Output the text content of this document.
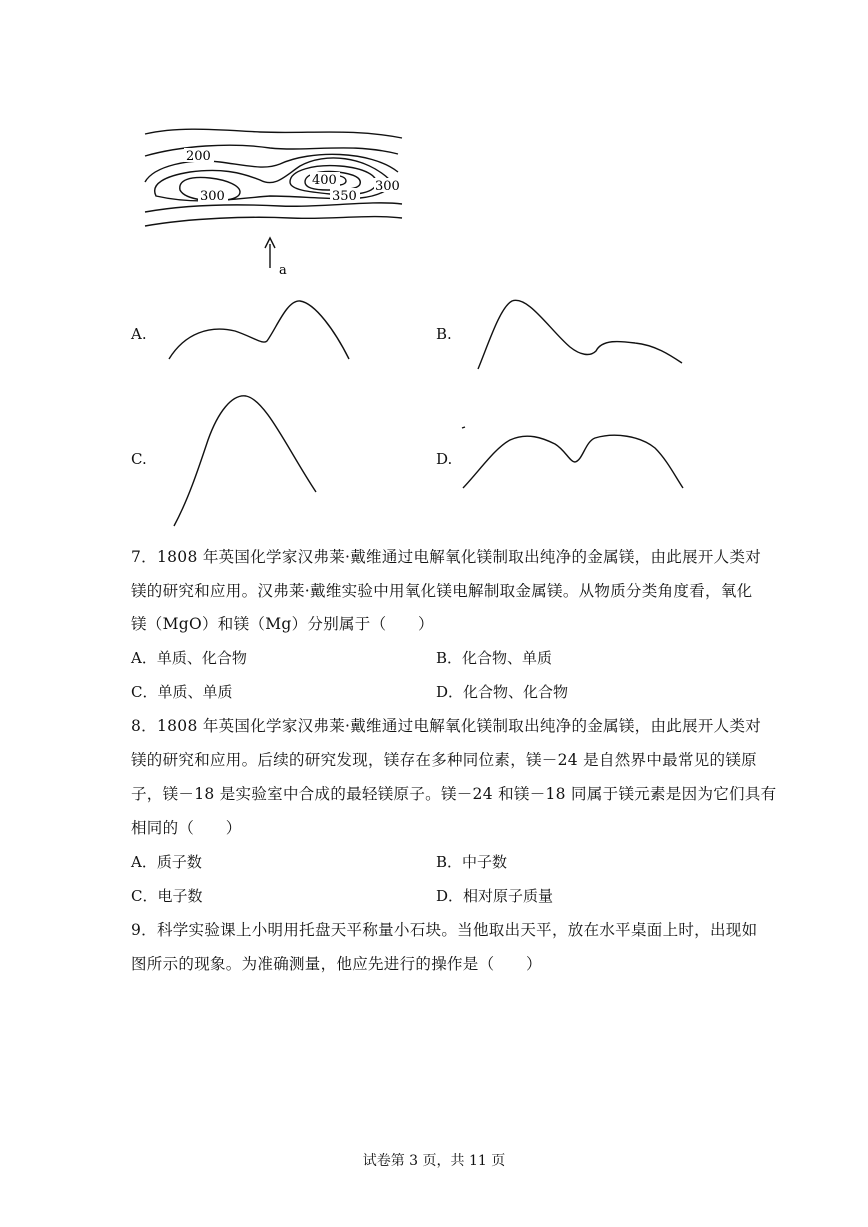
200
300
400
350
300
a
A.	B.
C.	D.
7．1808 年英国化学家汉弗莱·戴维通过电解氧化镁制取出纯净的金属镁，由此展开人类对
镁的研究和应用。汉弗莱·戴维实验中用氧化镁电解制取金属镁。从物质分类角度看，氧化
镁（MgO）和镁（Mg）分别属于（　　）
A．单质、化合物	B．化合物、单质
C．单质、单质	D．化合物、化合物
8．1808 年英国化学家汉弗莱·戴维通过电解氧化镁制取出纯净的金属镁，由此展开人类对
镁的研究和应用。后续的研究发现，镁存在多种同位素，镁－24 是自然界中最常见的镁原
子，镁－18 是实验室中合成的最轻镁原子。镁－24 和镁－18 同属于镁元素是因为它们具有
相同的（　　）
A．质子数	B．中子数
C．电子数	D．相对原子质量
9．科学实验课上小明用托盘天平称量小石块。当他取出天平，放在水平桌面上时，出现如
图所示的现象。为准确测量，他应先进行的操作是（　　）
试卷第 3 页，共 11 页
